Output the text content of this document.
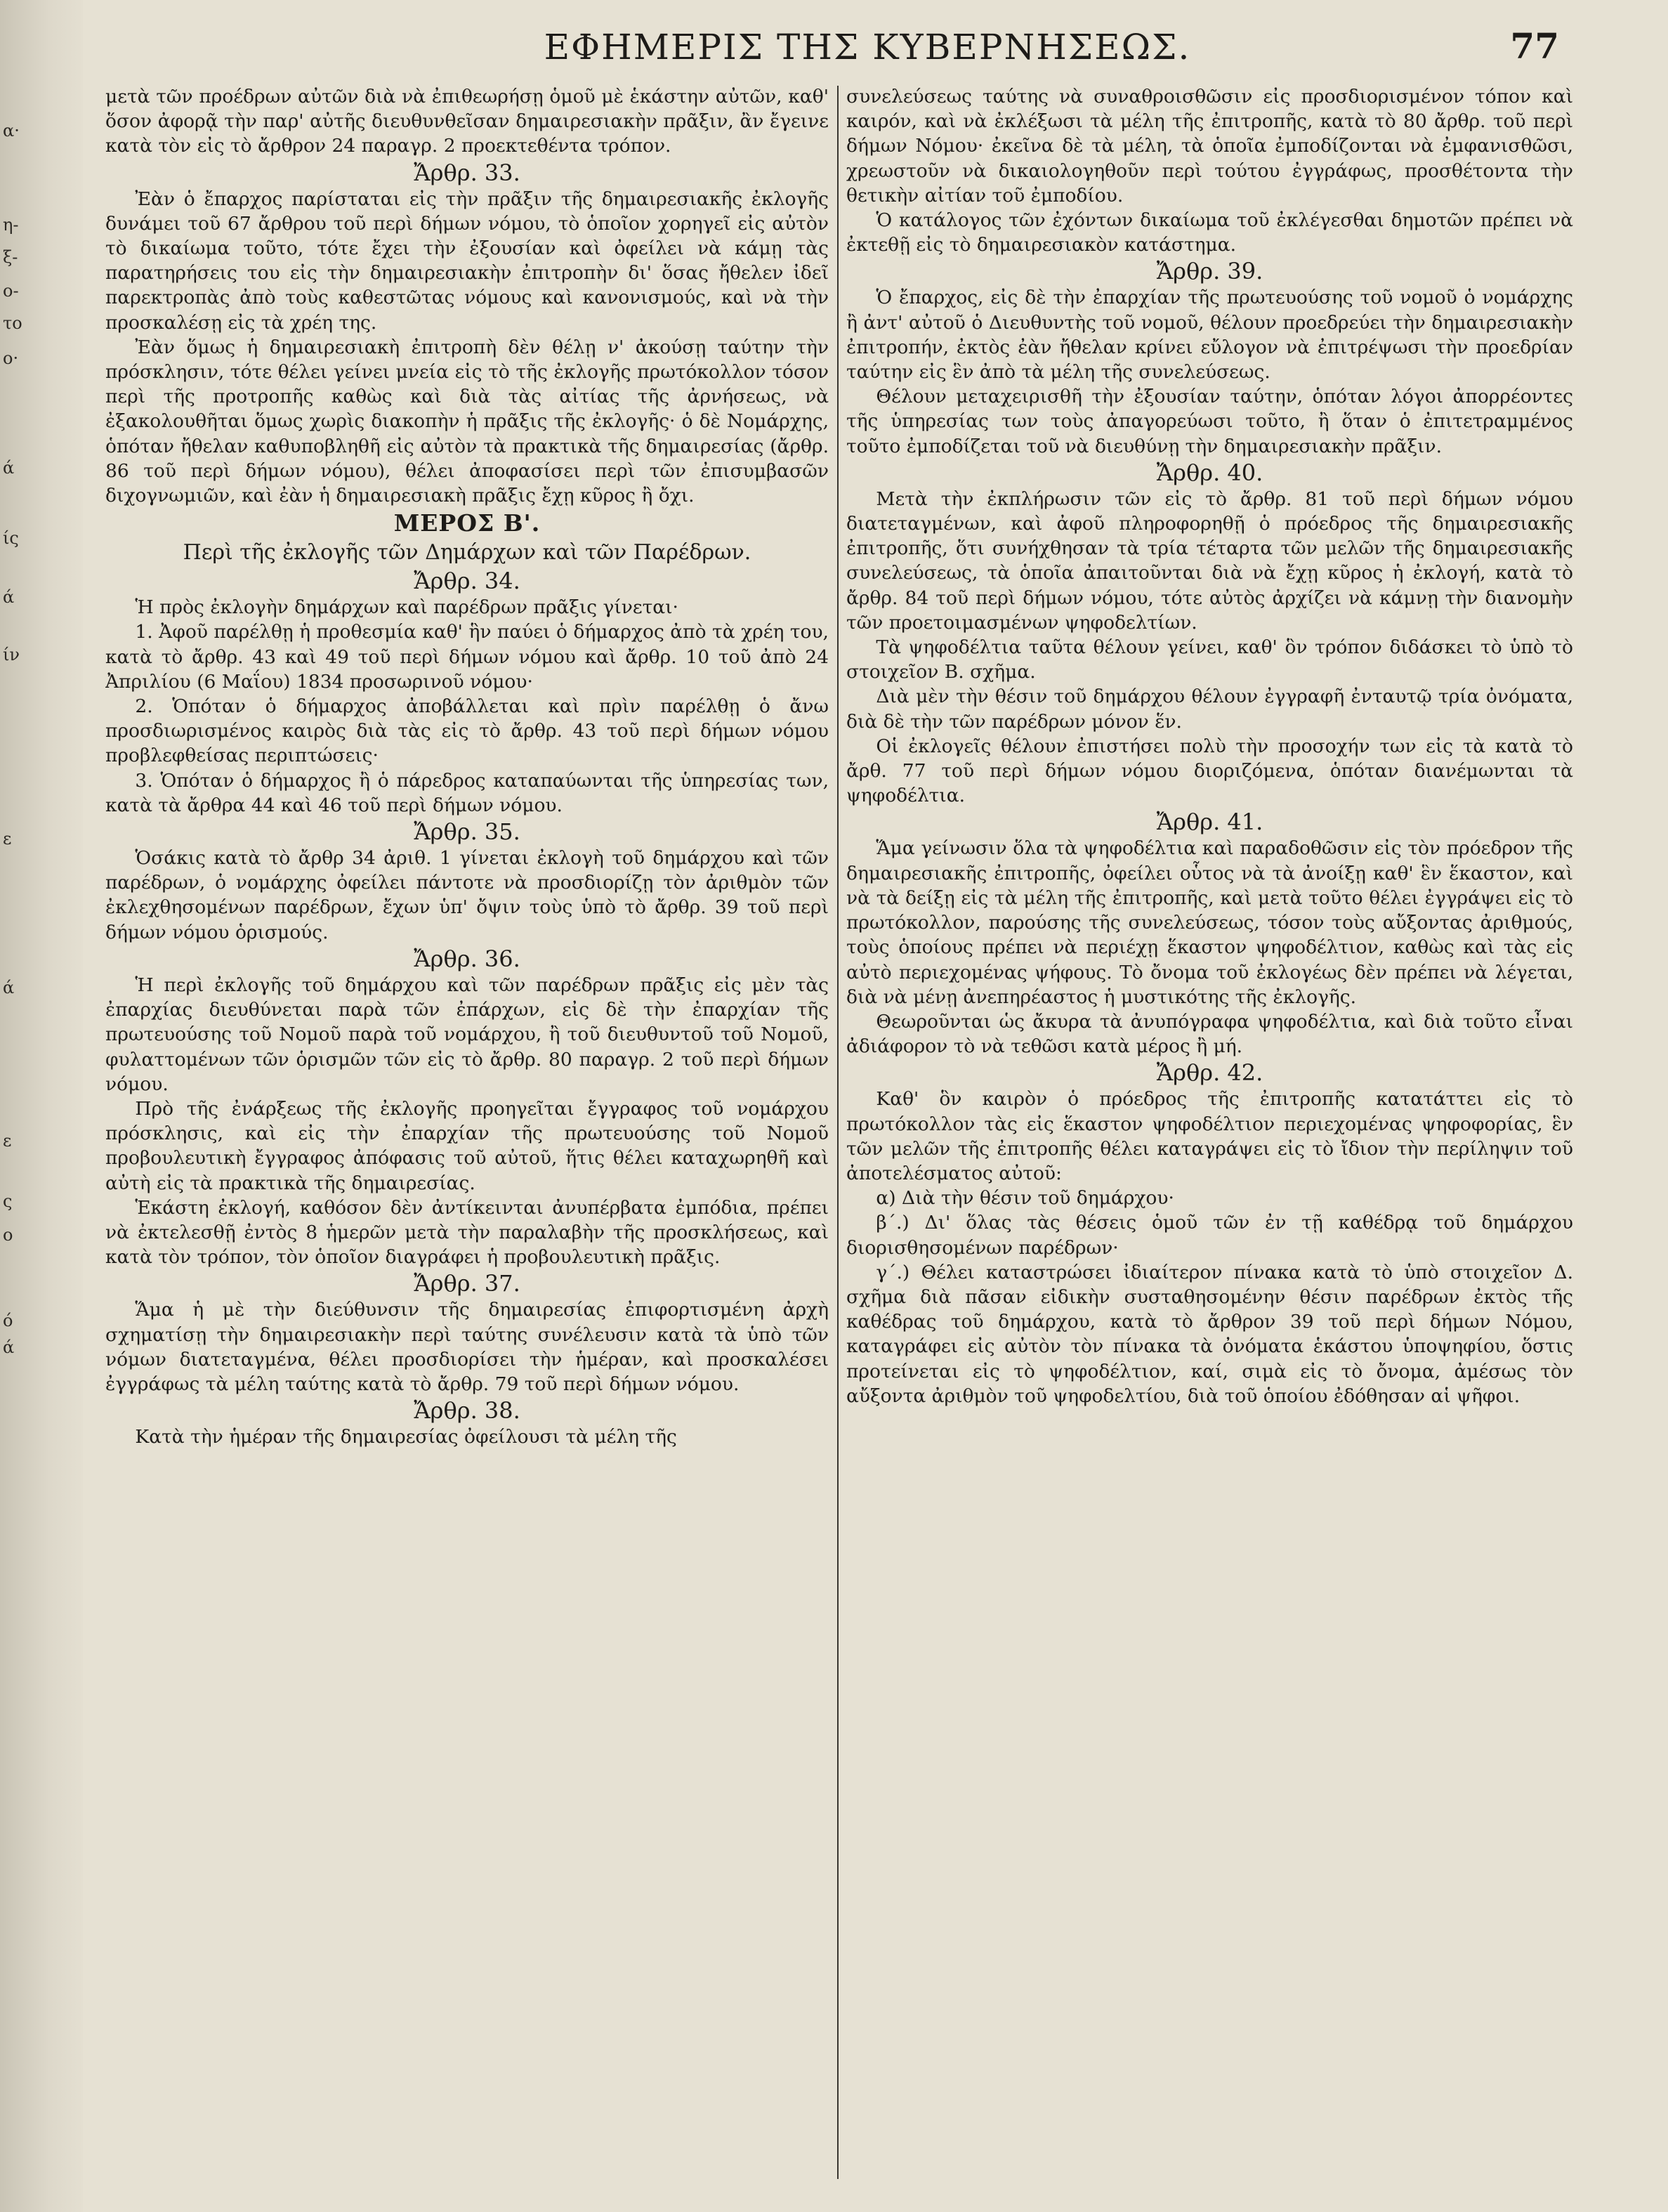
α·
η-
ξ-
ο-
το
ο·
ά
ίς
ά
ίν
ε
ά
ε
ς
ο
ό
ά
ΕΦΗΜΕΡΙΣ ΤΗΣ ΚΥΒΕΡΝΗΣΕΩΣ.	77

μετὰ τῶν προέδρων αὐτῶν διὰ νὰ ἐπιθεωρήσῃ ὁμοῦ μὲ ἑκάστην αὐτῶν, καθ' ὅσον ἀφορᾷ τὴν παρ' αὐτῆς διευθυνθεῖσαν δημαιρεσιακὴν πρᾶξιν, ἂν ἔγεινε κατὰ τὸν εἰς τὸ ἄρθρον 24 παραγρ. 2 προεκτεθέντα τρόπον.

Ἄρθρ. 33.

Ἐὰν ὁ ἔπαρχος παρίσταται εἰς τὴν πρᾶξιν τῆς δημαιρεσιακῆς ἐκλογῆς δυνάμει τοῦ 67 ἄρθρου τοῦ περὶ δήμων νόμου, τὸ ὁποῖον χορηγεῖ εἰς αὐτὸν τὸ δικαίωμα τοῦτο, τότε ἔχει τὴν ἐξουσίαν καὶ ὀφείλει νὰ κάμῃ τὰς παρατηρήσεις του εἰς τὴν δημαιρεσιακὴν ἐπιτροπὴν δι' ὅσας ἤθελεν ἰδεῖ παρεκτροπὰς ἀπὸ τοὺς καθεστῶτας νόμους καὶ κανονισμούς, καὶ νὰ τὴν προσκαλέσῃ εἰς τὰ χρέη της.

Ἐὰν ὅμως ἡ δημαιρεσιακὴ ἐπιτροπὴ δὲν θέλῃ ν' ἀκούσῃ ταύτην τὴν πρόσκλησιν, τότε θέλει γείνει μνεία εἰς τὸ τῆς ἐκλογῆς πρωτόκολλον τόσον περὶ τῆς προτροπῆς καθὼς καὶ διὰ τὰς αἰτίας τῆς ἀρνήσεως, νὰ ἐξακολουθῆται ὅμως χωρὶς διακοπὴν ἡ πρᾶξις τῆς ἐκλογῆς· ὁ δὲ Νομάρχης, ὁπόταν ἤθελαν καθυποβληθῆ εἰς αὐτὸν τὰ πρακτικὰ τῆς δημαιρεσίας (ἄρθρ. 86 τοῦ περὶ δήμων νόμου), θέλει ἀποφασίσει περὶ τῶν ἐπισυμβασῶν διχογνωμιῶν, καὶ ἐὰν ἡ δημαιρεσιακὴ πρᾶξις ἔχῃ κῦρος ἢ ὄχι.

ΜΕΡΟΣ Β'.
Περὶ τῆς ἐκλογῆς τῶν Δημάρχων καὶ τῶν Παρέδρων.
Ἄρθρ. 34.

Ἡ πρὸς ἐκλογὴν δημάρχων καὶ παρέδρων πρᾶξις γίνεται·

1. Ἀφοῦ παρέλθῃ ἡ προθεσμία καθ' ἣν παύει ὁ δήμαρχος ἀπὸ τὰ χρέη του, κατὰ τὸ ἄρθρ. 43 καὶ 49 τοῦ περὶ δήμων νόμου καὶ ἄρθρ. 10 τοῦ ἀπὸ 24 Ἀπριλίου (6 Μαΐου) 1834 προσωρινοῦ νόμου·

2. Ὁπόταν ὁ δήμαρχος ἀποβάλλεται καὶ πρὶν παρέλθῃ ὁ ἄνω προσδιωρισμένος καιρὸς διὰ τὰς εἰς τὸ ἄρθρ. 43 τοῦ περὶ δήμων νόμου προβλεφθείσας περιπτώσεις·

3. Ὁπόταν ὁ δήμαρχος ἢ ὁ πάρεδρος καταπαύωνται τῆς ὑπηρεσίας των, κατὰ τὰ ἄρθρα 44 καὶ 46 τοῦ περὶ δήμων νόμου.

Ἄρθρ. 35.

Ὁσάκις κατὰ τὸ ἄρθρ 34 ἀριθ. 1 γίνεται ἐκλογὴ τοῦ δημάρχου καὶ τῶν παρέδρων, ὁ νομάρχης ὀφείλει πάντοτε νὰ προσδιορίζῃ τὸν ἀριθμὸν τῶν ἐκλεχθησομένων παρέδρων, ἔχων ὑπ' ὄψιν τοὺς ὑπὸ τὸ ἄρθρ. 39 τοῦ περὶ δήμων νόμου ὁρισμούς.

Ἄρθρ. 36.

Ἡ περὶ ἐκλογῆς τοῦ δημάρχου καὶ τῶν παρέδρων πρᾶξις εἰς μὲν τὰς ἐπαρχίας διευθύνεται παρὰ τῶν ἐπάρχων, εἰς δὲ τὴν ἐπαρχίαν τῆς πρωτευούσης τοῦ Νομοῦ παρὰ τοῦ νομάρχου, ἢ τοῦ διευθυντοῦ τοῦ Νομοῦ, φυλαττομένων τῶν ὁρισμῶν τῶν εἰς τὸ ἄρθρ. 80 παραγρ. 2 τοῦ περὶ δήμων νόμου.

Πρὸ τῆς ἐνάρξεως τῆς ἐκλογῆς προηγεῖται ἔγγραφος τοῦ νομάρχου πρόσκλησις, καὶ εἰς τὴν ἐπαρχίαν τῆς πρωτευούσης τοῦ Νομοῦ προβουλευτικὴ ἔγγραφος ἀπόφασις τοῦ αὐτοῦ, ἥτις θέλει καταχωρηθῆ καὶ αὐτὴ εἰς τὰ πρακτικὰ τῆς δημαιρεσίας.

Ἑκάστη ἐκλογή, καθόσον δὲν ἀντίκεινται ἀνυπέρβατα ἐμπόδια, πρέπει νὰ ἐκτελεσθῇ ἐντὸς 8 ἡμερῶν μετὰ τὴν παραλαβὴν τῆς προσκλήσεως, καὶ κατὰ τὸν τρόπον, τὸν ὁποῖον διαγράφει ἡ προβουλευτικὴ πρᾶξις.

Ἄρθρ. 37.

Ἅμα ἡ μὲ τὴν διεύθυνσιν τῆς δημαιρεσίας ἐπιφορτισμένη ἀρχὴ σχηματίσῃ τὴν δημαιρεσιακὴν περὶ ταύτης συνέλευσιν κατὰ τὰ ὑπὸ τῶν νόμων διατεταγμένα, θέλει προσδιορίσει τὴν ἡμέραν, καὶ προσκαλέσει ἐγγράφως τὰ μέλη ταύτης κατὰ τὸ ἄρθρ. 79 τοῦ περὶ δήμων νόμου.

Ἄρθρ. 38.

Κατὰ τὴν ἡμέραν τῆς δημαιρεσίας ὀφείλουσι τὰ μέλη τῆς

συνελεύσεως ταύτης νὰ συναθροισθῶσιν εἰς προσδιορισμένον τόπον καὶ καιρόν, καὶ νὰ ἐκλέξωσι τὰ μέλη τῆς ἐπιτροπῆς, κατὰ τὸ 80 ἄρθρ. τοῦ περὶ δήμων Νόμου· ἐκεῖνα δὲ τὰ μέλη, τὰ ὁποῖα ἐμποδίζονται νὰ ἐμφανισθῶσι, χρεωστοῦν νὰ δικαιολογηθοῦν περὶ τούτου ἐγγράφως, προσθέτοντα τὴν θετικὴν αἰτίαν τοῦ ἐμποδίου.

Ὁ κατάλογος τῶν ἐχόντων δικαίωμα τοῦ ἐκλέγεσθαι δημοτῶν πρέπει νὰ ἐκτεθῇ εἰς τὸ δημαιρεσιακὸν κατάστημα.

Ἄρθρ. 39.

Ὁ ἔπαρχος, εἰς δὲ τὴν ἐπαρχίαν τῆς πρωτευούσης τοῦ νομοῦ ὁ νομάρχης ἢ ἀντ' αὐτοῦ ὁ Διευθυντὴς τοῦ νομοῦ, θέλουν προεδρεύει τὴν δημαιρεσιακὴν ἐπιτροπήν, ἐκτὸς ἐὰν ἤθελαν κρίνει εὔλογον νὰ ἐπιτρέψωσι τὴν προεδρίαν ταύτην εἰς ἓν ἀπὸ τὰ μέλη τῆς συνελεύσεως.

Θέλουν μεταχειρισθῆ τὴν ἐξουσίαν ταύτην, ὁπόταν λόγοι ἀπορρέοντες τῆς ὑπηρεσίας των τοὺς ἀπαγορεύωσι τοῦτο, ἢ ὅταν ὁ ἐπιτετραμμένος τοῦτο ἐμποδίζεται τοῦ νὰ διευθύνῃ τὴν δημαιρεσιακὴν πρᾶξιν.

Ἄρθρ. 40.

Μετὰ τὴν ἐκπλήρωσιν τῶν εἰς τὸ ἄρθρ. 81 τοῦ περὶ δήμων νόμου διατεταγμένων, καὶ ἀφοῦ πληροφορηθῇ ὁ πρόεδρος τῆς δημαιρεσιακῆς ἐπιτροπῆς, ὅτι συνήχθησαν τὰ τρία τέταρτα τῶν μελῶν τῆς δημαιρεσιακῆς συνελεύσεως, τὰ ὁποῖα ἀπαιτοῦνται διὰ νὰ ἔχῃ κῦρος ἡ ἐκλογή, κατὰ τὸ ἄρθρ. 84 τοῦ περὶ δήμων νόμου, τότε αὐτὸς ἀρχίζει νὰ κάμνῃ τὴν διανομὴν τῶν προετοιμασμένων ψηφοδελτίων.

Τὰ ψηφοδέλτια ταῦτα θέλουν γείνει, καθ' ὃν τρόπον διδάσκει τὸ ὑπὸ τὸ στοιχεῖον Β. σχῆμα.

Διὰ μὲν τὴν θέσιν τοῦ δημάρχου θέλουν ἐγγραφῆ ἐνταυτῷ τρία ὀνόματα, διὰ δὲ τὴν τῶν παρέδρων μόνον ἕν.

Οἱ ἐκλογεῖς θέλουν ἐπιστήσει πολὺ τὴν προσοχήν των εἰς τὰ κατὰ τὸ ἄρθ. 77 τοῦ περὶ δήμων νόμου διοριζόμενα, ὁπόταν διανέμωνται τὰ ψηφοδέλτια.

Ἄρθρ. 41.

Ἅμα γείνωσιν ὅλα τὰ ψηφοδέλτια καὶ παραδοθῶσιν εἰς τὸν πρόεδρον τῆς δημαιρεσιακῆς ἐπιτροπῆς, ὀφείλει οὗτος νὰ τὰ ἀνοίξῃ καθ' ἓν ἕκαστον, καὶ νὰ τὰ δείξῃ εἰς τὰ μέλη τῆς ἐπιτροπῆς, καὶ μετὰ τοῦτο θέλει ἐγγράψει εἰς τὸ πρωτόκολλον, παρούσης τῆς συνελεύσεως, τόσον τοὺς αὔξοντας ἀριθμούς, τοὺς ὁποίους πρέπει νὰ περιέχῃ ἕκαστον ψηφοδέλτιον, καθὼς καὶ τὰς εἰς αὐτὸ περιεχομένας ψήφους. Τὸ ὄνομα τοῦ ἐκλογέως δὲν πρέπει νὰ λέγεται, διὰ νὰ μένῃ ἀνεπηρέαστος ἡ μυστικότης τῆς ἐκλογῆς.

Θεωροῦνται ὡς ἄκυρα τὰ ἀνυπόγραφα ψηφοδέλτια, καὶ διὰ τοῦτο εἶναι ἀδιάφορον τὸ νὰ τεθῶσι κατὰ μέρος ἢ μή.

Ἄρθρ. 42.

Καθ' ὃν καιρὸν ὁ πρόεδρος τῆς ἐπιτροπῆς κατατάττει εἰς τὸ πρωτόκολλον τὰς εἰς ἕκαστον ψηφοδέλτιον περιεχομένας ψηφοφορίας, ἓν τῶν μελῶν τῆς ἐπιτροπῆς θέλει καταγράψει εἰς τὸ ἴδιον τὴν περίληψιν τοῦ ἀποτελέσματος αὐτοῦ:

α) Διὰ τὴν θέσιν τοῦ δημάρχου·

β΄.) Δι' ὅλας τὰς θέσεις ὁμοῦ τῶν ἐν τῇ καθέδρᾳ τοῦ δημάρχου διορισθησομένων παρέδρων·

γ΄.) Θέλει καταστρώσει ἰδιαίτερον πίνακα κατὰ τὸ ὑπὸ στοιχεῖον Δ. σχῆμα διὰ πᾶσαν εἰδικὴν συσταθησομένην θέσιν παρέδρων ἐκτὸς τῆς καθέδρας τοῦ δημάρχου, κατὰ τὸ ἄρθρον 39 τοῦ περὶ δήμων Νόμου, καταγράφει εἰς αὐτὸν τὸν πίνακα τὰ ὀνόματα ἑκάστου ὑποψηφίου, ὅστις προτείνεται εἰς τὸ ψηφοδέλτιον, καί, σιμὰ εἰς τὸ ὄνομα, ἀμέσως τὸν αὔξοντα ἀριθμὸν τοῦ ψηφοδελτίου, διὰ τοῦ ὁποίου ἐδόθησαν αἱ ψῆφοι.
